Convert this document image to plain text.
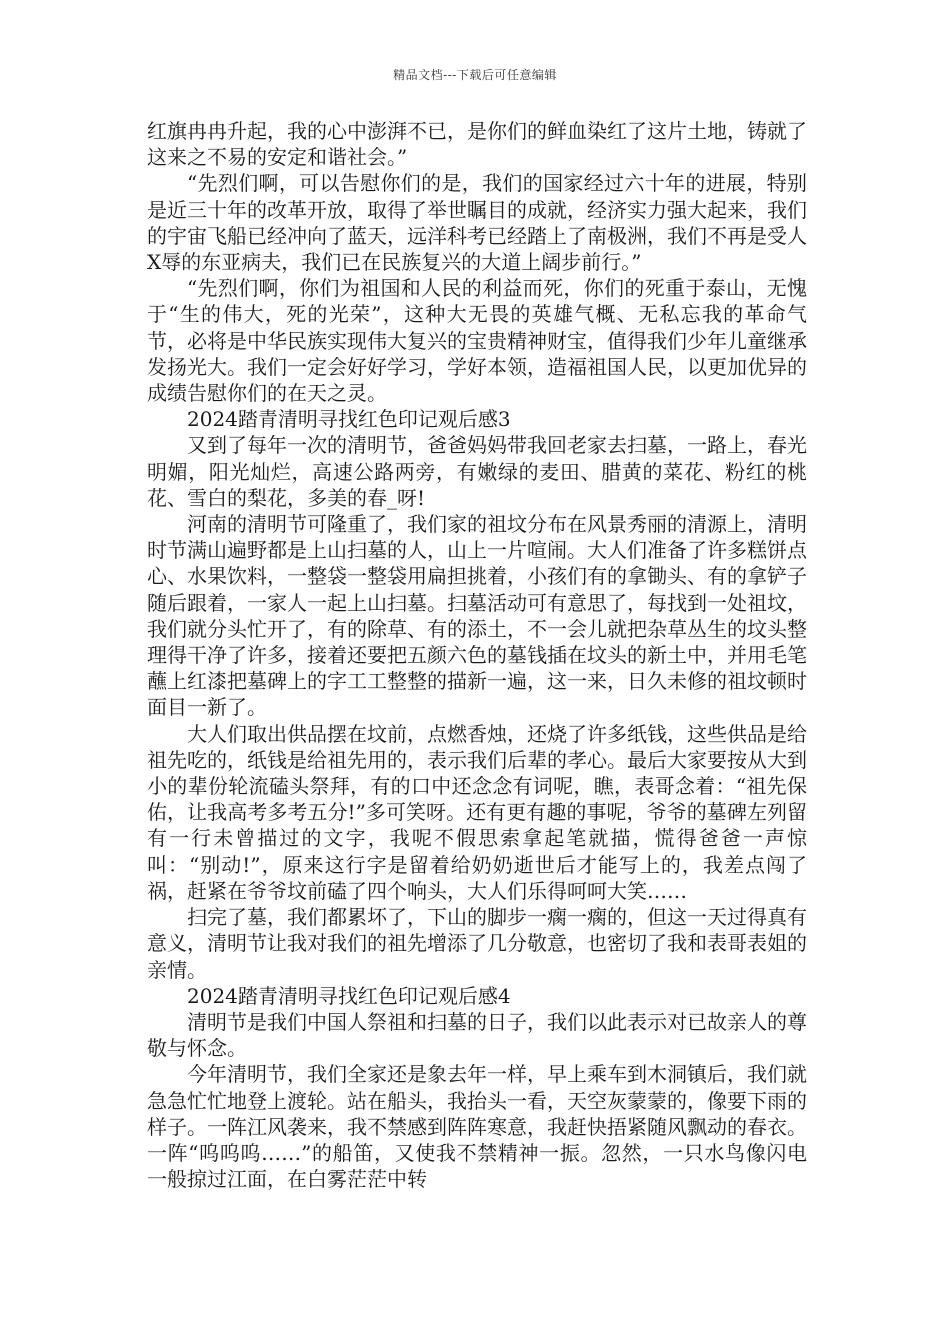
精品文档---下载后可任意编辑

红旗冉冉升起，我的心中澎湃不已，是你们的鲜血染红了这片土地，铸就了这来之不易的安定和谐社会。”

“先烈们啊，可以告慰你们的是，我们的国家经过六十年的进展，特别是近三十年的改革开放，取得了举世瞩目的成就，经济实力强大起来，我们的宇宙飞船已经冲向了蓝天，远洋科考已经踏上了南极洲，我们不再是受人X辱的东亚病夫，我们已在民族复兴的大道上阔步前行。”

“先烈们啊，你们为祖国和人民的利益而死，你们的死重于泰山，无愧于“生的伟大，死的光荣”，这种大无畏的英雄气概、无私忘我的革命气节，必将是中华民族实现伟大复兴的宝贵精神财宝，值得我们少年儿童继承发扬光大。我们一定会好好学习，学好本领，造福祖国人民，以更加优异的成绩告慰你们的在天之灵。

2024踏青清明寻找红色印记观后感3

又到了每年一次的清明节，爸爸妈妈带我回老家去扫墓，一路上，春光明媚，阳光灿烂，高速公路两旁，有嫩绿的麦田、腊黄的菜花、粉红的桃花、雪白的梨花，多美的春_呀!

河南的清明节可隆重了，我们家的祖坟分布在风景秀丽的清源上，清明时节满山遍野都是上山扫墓的人，山上一片喧闹。大人们准备了许多糕饼点心、水果饮料，一整袋一整袋用扁担挑着，小孩们有的拿锄头、有的拿铲子随后跟着，一家人一起上山扫墓。扫墓活动可有意思了，每找到一处祖坟，我们就分头忙开了，有的除草、有的添土，不一会儿就把杂草丛生的坟头整理得干净了许多，接着还要把五颜六色的墓钱插在坟头的新土中，并用毛笔蘸上红漆把墓碑上的字工工整整的描新一遍，这一来，日久未修的祖坟顿时面目一新了。

大人们取出供品摆在坟前，点燃香烛，还烧了许多纸钱，这些供品是给祖先吃的，纸钱是给祖先用的，表示我们后辈的孝心。最后大家要按从大到小的辈份轮流磕头祭拜，有的口中还念念有词呢，瞧，表哥念着：“祖先保佑，让我高考多考五分!”多可笑呀。还有更有趣的事呢，爷爷的墓碑左列留有一行未曾描过的文字，我呢不假思索拿起笔就描，慌得爸爸一声惊叫：“别动!”，原来这行字是留着给奶奶逝世后才能写上的，我差点闯了祸，赶紧在爷爷坟前磕了四个响头，大人们乐得呵呵大笑……

扫完了墓，我们都累坏了，下山的脚步一瘸一瘸的，但这一天过得真有意义，清明节让我对我们的祖先增添了几分敬意，也密切了我和表哥表姐的亲情。

2024踏青清明寻找红色印记观后感4

清明节是我们中国人祭祖和扫墓的日子，我们以此表示对已故亲人的尊敬与怀念。

今年清明节，我们全家还是象去年一样，早上乘车到木洞镇后，我们就急急忙忙地登上渡轮。站在船头，我抬头一看，天空灰蒙蒙的，像要下雨的样子。一阵江风袭来，我不禁感到阵阵寒意，我赶快捂紧随风飘动的春衣。一阵“呜呜呜……”的船笛，又使我不禁精神一振。忽然，一只水鸟像闪电一般掠过江面，在白雾茫茫中转
